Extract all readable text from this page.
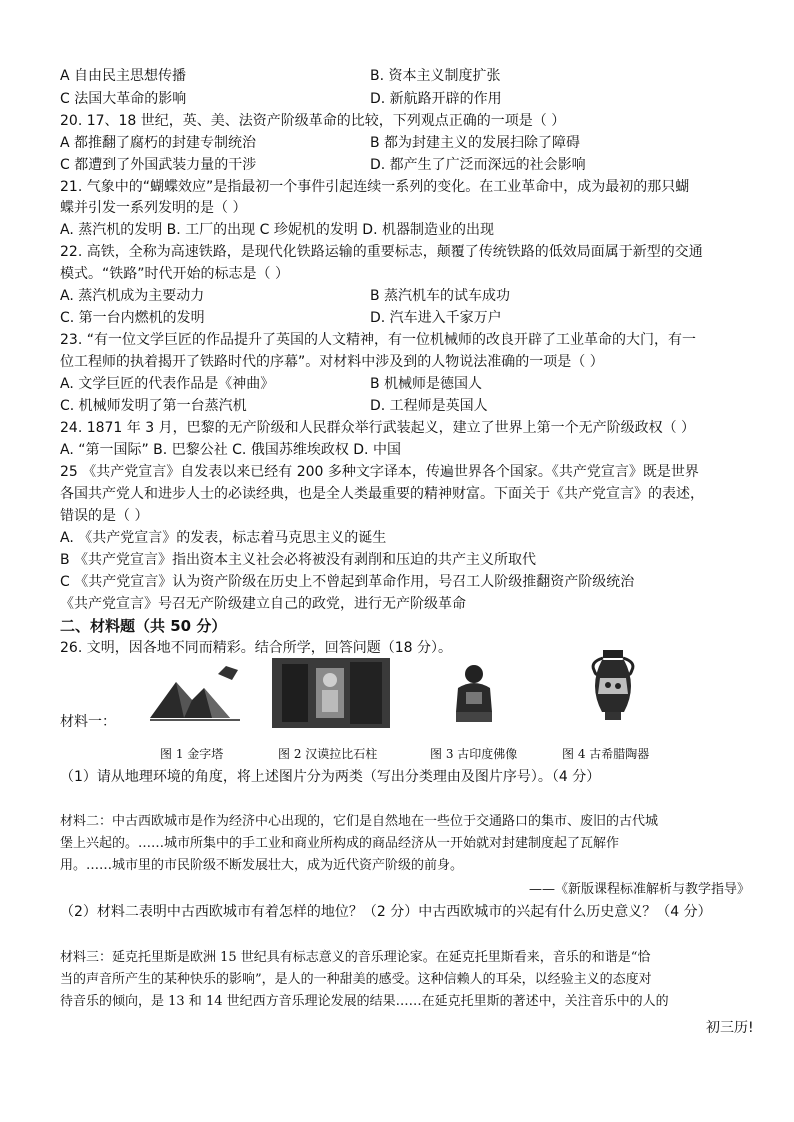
A 自由民主思想传播	B. 资本主义制度扩张
C 法国大革命的影响	D. 新航路开辟的作用
20. 17、18 世纪，英、美、法资产阶级革命的比较，下列观点正确的一项是（ ）
A 都推翻了腐朽的封建专制统治	B 都为封建主义的发展扫除了障碍
C 都遭到了外国武装力量的干涉	D. 都产生了广泛而深远的社会影响
21. 气象中的“蝴蝶效应”是指最初一个事件引起连续一系列的变化。在工业革命中，成为最初的那只蝴
蝶并引发一系列发明的是（ ）
A. 蒸汽机的发明 B. 工厂的出现 C 珍妮机的发明 D. 机器制造业的出现
22. 高铁，全称为高速铁路，是现代化铁路运输的重要标志，颠覆了传统铁路的低效局面属于新型的交通
模式。“铁路”时代开始的标志是（ ）
A. 蒸汽机成为主要动力	B 蒸汽机车的试车成功
C. 第一台内燃机的发明	D. 汽车进入千家万户
23. “有一位文学巨匠的作品提升了英国的人文精神，有一位机械师的改良开辟了工业革命的大门，有一
位工程师的执着揭开了铁路时代的序幕”。对材料中涉及到的人物说法准确的一项是（ ）
A. 文学巨匠的代表作品是《神曲》	B 机械师是德国人
C. 机械师发明了第一台蒸汽机	D. 工程师是英国人
24. 1871 年 3 月，巴黎的无产阶级和人民群众举行武装起义，建立了世界上第一个无产阶级政权（ ）
A. “第一国际” B. 巴黎公社 C. 俄国苏维埃政权 D. 中国
25 《共产党宣言》自发表以来已经有 200 多种文字译本，传遍世界各个国家。《共产党宣言》既是世界
各国共产党人和进步人士的必读经典，也是全人类最重要的精神财富。下面关于《共产党宣言》的表述，
错误的是（ ）
A. 《共产党宣言》的发表，标志着马克思主义的诞生
B 《共产党宣言》指出资本主义社会必将被没有剥削和压迫的共产主义所取代
C 《共产党宣言》认为资产阶级在历史上不曾起到革命作用，号召工人阶级推翻资产阶级统治
《共产党宣言》号召无产阶级建立自己的政党，进行无产阶级革命
二、材料题（共 50 分）
26. 文明，因各地不同而精彩。结合所学，回答问题（18 分）。
材料一：
图 1 金字塔	图 2 汉谟拉比石柱	图 3 古印度佛像	图 4 古希腊陶器
（1）请从地理环境的角度，将上述图片分为两类（写出分类理由及图片序号）。（4 分）
材料二：中古西欧城市是作为经济中心出现的，它们是自然地在一些位于交通路口的集市、废旧的古代城
堡上兴起的。……城市所集中的手工业和商业所构成的商品经济从一开始就对封建制度起了瓦解作
用。……城市里的市民阶级不断发展壮大，成为近代资产阶级的前身。
——《新版课程标准解析与教学指导》
（2）材料二表明中古西欧城市有着怎样的地位？（2 分）中古西欧城市的兴起有什么历史意义？（4 分）
材料三：延克托里斯是欧洲 15 世纪具有标志意义的音乐理论家。在延克托里斯看来，音乐的和谐是“恰
当的声音所产生的某种快乐的影响”，是人的一种甜美的感受。这种信赖人的耳朵，以经验主义的态度对
待音乐的倾向，是 13 和 14 世纪西方音乐理论发展的结果……在延克托里斯的著述中，关注音乐中的人的
初三历!
